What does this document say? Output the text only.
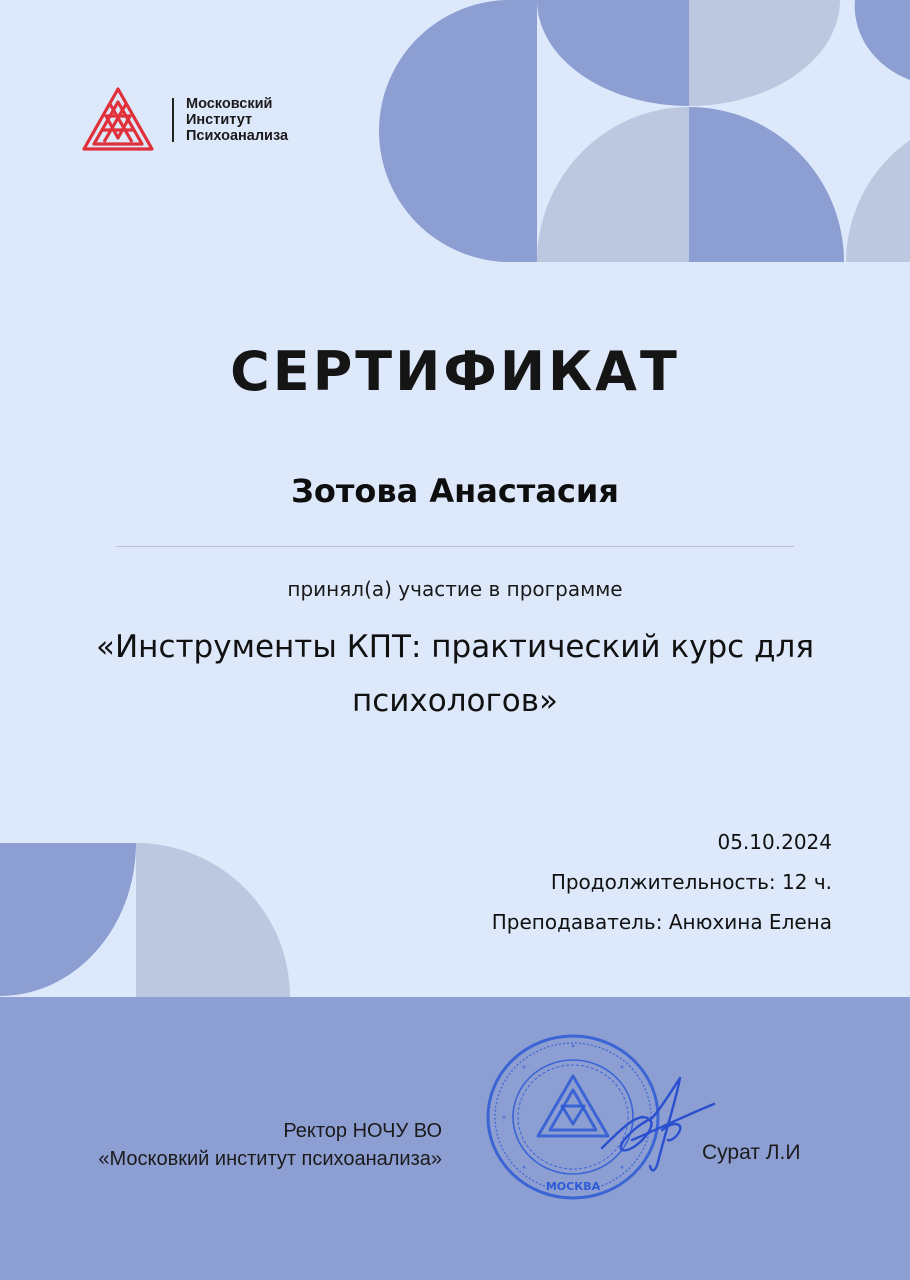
Московский
Институт
Психоанализа
СЕРТИФИКАТ
Зотова Анастасия
принял(а) участие в программе
«Инструменты КПТ: практический курс для
психологов»
05.10.2024
Продолжительность: 12 ч.
Преподаватель: Анюхина Елена
Ректор НОЧУ ВО
«Московкий институт психоанализа»
МОСКВА
Сурат Л.И
